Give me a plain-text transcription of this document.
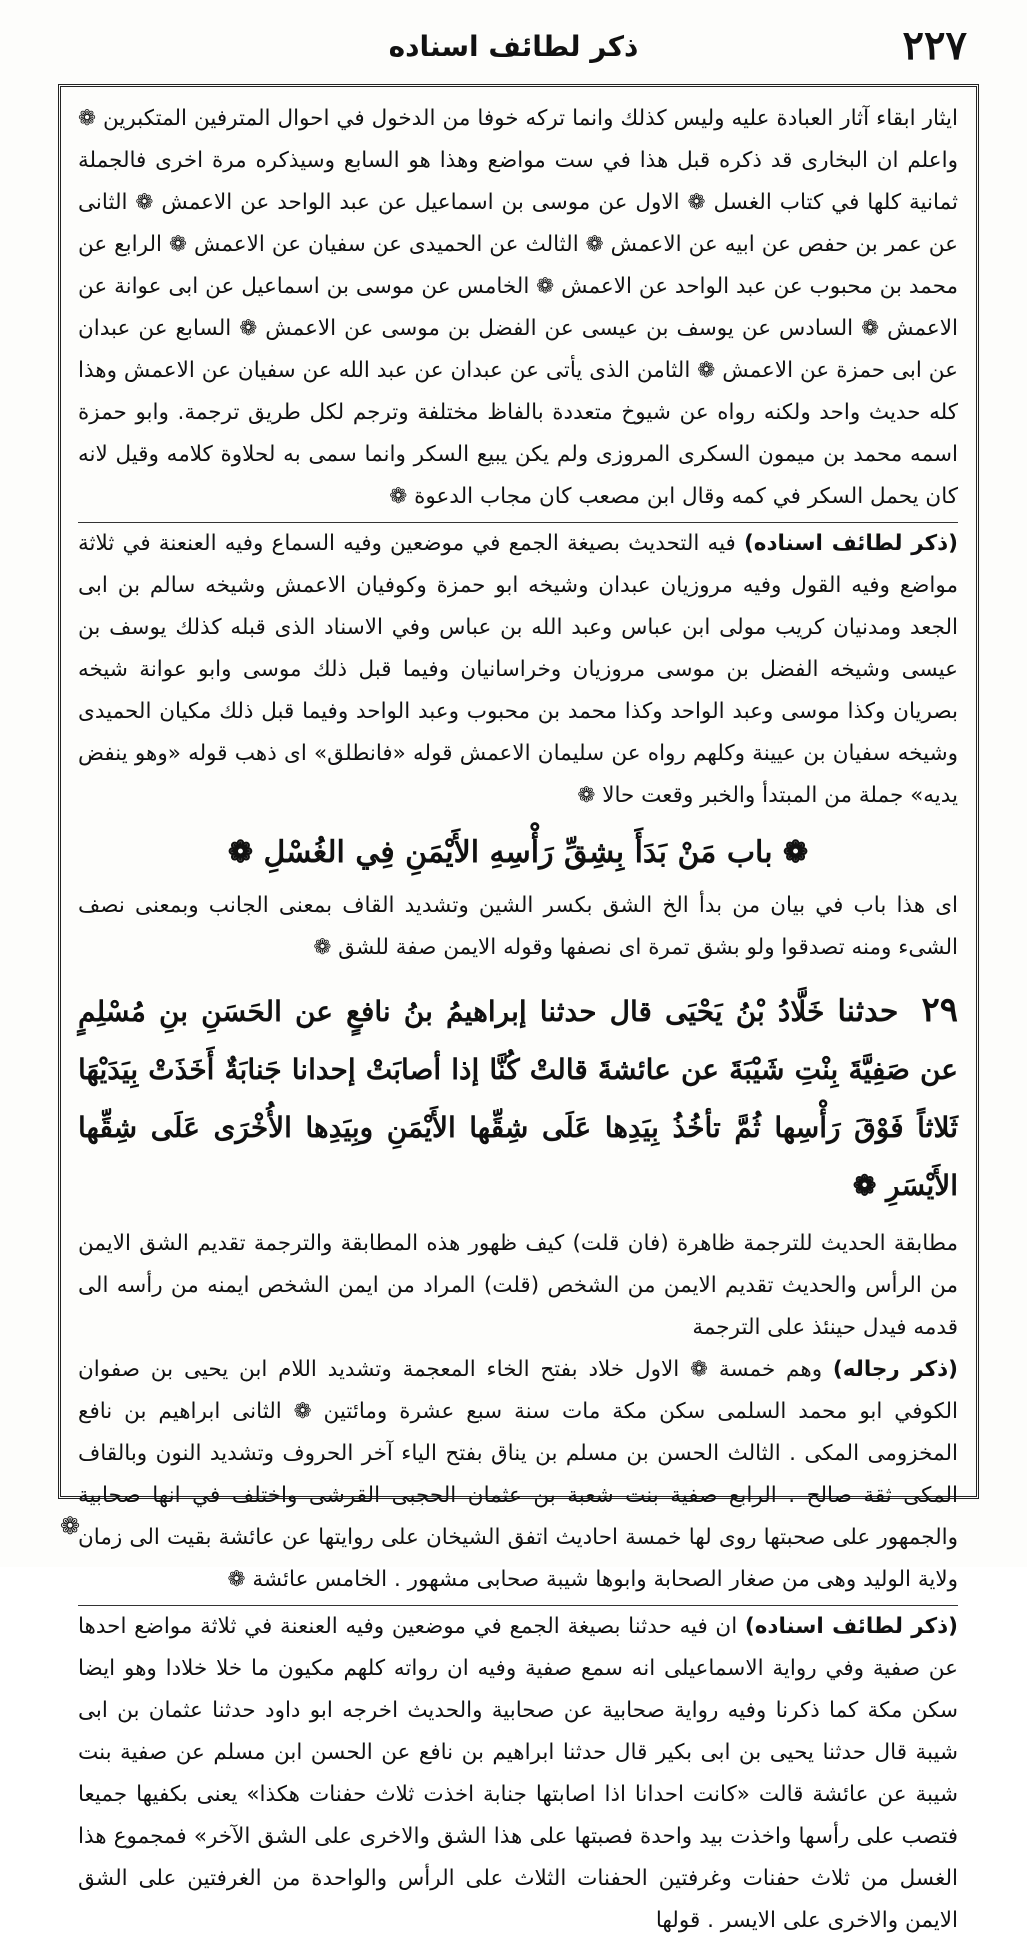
ذكر لطائف اسناده	٢٢٧

ايثار ابقاء آثار العبادة عليه وليس كذلك وانما تركه خوفا من الدخول في احوال المترفين المتكبرين ❁ واعلم ان البخارى قد ذكره قبل هذا في ست مواضع وهذا هو السابع وسيذكره مرة اخرى فالجملة ثمانية كلها في كتاب الغسل ❁ الاول عن موسى بن اسماعيل عن عبد الواحد عن الاعمش ❁ الثانى عن عمر بن حفص عن ابيه عن الاعمش ❁ الثالث عن الحميدى عن سفيان عن الاعمش ❁ الرابع عن محمد بن محبوب عن عبد الواحد عن الاعمش ❁ الخامس عن موسى بن اسماعيل عن ابى عوانة عن الاعمش ❁ السادس عن يوسف بن عيسى عن الفضل بن موسى عن الاعمش ❁ السابع عن عبدان عن ابى حمزة عن الاعمش ❁ الثامن الذى يأتى عن عبدان عن عبد الله عن سفيان عن الاعمش وهذا كله حديث واحد ولكنه رواه عن شيوخ متعددة بالفاظ مختلفة وترجم لكل طريق ترجمة. وابو حمزة اسمه محمد بن ميمون السكرى المروزى ولم يكن يبيع السكر وانما سمى به لحلاوة كلامه وقيل لانه كان يحمل السكر في كمه وقال ابن مصعب كان مجاب الدعوة ❁

(ذكر لطائف اسناده) فيه التحديث بصيغة الجمع في موضعين وفيه السماع وفيه العنعنة في ثلاثة مواضع وفيه القول وفيه مروزيان عبدان وشيخه ابو حمزة وكوفيان الاعمش وشيخه سالم بن ابى الجعد ومدنيان كريب مولى ابن عباس وعبد الله بن عباس وفي الاسناد الذى قبله كذلك يوسف بن عيسى وشيخه الفضل بن موسى مروزيان وخراسانيان وفيما قبل ذلك موسى وابو عوانة شيخه بصريان وكذا موسى وعبد الواحد وكذا محمد بن محبوب وعبد الواحد وفيما قبل ذلك مكيان الحميدى وشيخه سفيان بن عيينة وكلهم رواه عن سليمان الاعمش قوله «فانطلق» اى ذهب قوله «وهو ينفض يديه» جملة من المبتدأ والخبر وقعت حالا ❁

❁ باب مَنْ بَدَأَ بِشِقِّ رَأْسِهِ الأَيْمَنِ فِي الغُسْلِ ❁

اى هذا باب في بيان من بدأ الخ الشق بكسر الشين وتشديد القاف بمعنى الجانب وبمعنى نصف الشىء ومنه تصدقوا ولو بشق تمرة اى نصفها وقوله الايمن صفة للشق ❁

٢٩ حدثنا خَلَّادُ بْنُ يَحْيَى قال حدثنا إبراهيمُ بنُ نافعٍ عن الحَسَنِ بنِ مُسْلِمٍ عن صَفِيَّةَ بِنْتِ شَيْبَةَ عن عائشةَ قالتْ كُنَّا إذا أصابَتْ إحدانا جَنابَةٌ أَخَذَتْ بِيَدَيْهَا ثَلاثاً فَوْقَ رَأْسِها ثُمَّ تأخُذُ بِيَدِها عَلَى شِقِّها الأَيْمَنِ وبِيَدِها الأُخْرَى عَلَى شِقِّها الأَيْسَرِ ❁

مطابقة الحديث للترجمة ظاهرة (فان قلت) كيف ظهور هذه المطابقة والترجمة تقديم الشق الايمن من الرأس والحديث تقديم الايمن من الشخص (قلت) المراد من ايمن الشخص ايمنه من رأسه الى قدمه فيدل حينئذ على الترجمة

(ذكر رجاله) وهم خمسة ❁ الاول خلاد بفتح الخاء المعجمة وتشديد اللام ابن يحيى بن صفوان الكوفي ابو محمد السلمى سكن مكة مات سنة سبع عشرة ومائتين ❁ الثانى ابراهيم بن نافع المخزومى المكى . الثالث الحسن بن مسلم بن يناق بفتح الياء آخر الحروف وتشديد النون وبالقاف المكى ثقة صالح . الرابع صفية بنت شعبة بن عثمان الحجبى القرشى واختلف في انها صحابية والجمهور على صحبتها روى لها خمسة احاديث اتفق الشيخان على روايتها عن عائشة بقيت الى زمان ولاية الوليد وهى من صغار الصحابة وابوها شيبة صحابى مشهور . الخامس عائشة ❁

(ذكر لطائف اسناده) ان فيه حدثنا بصيغة الجمع في موضعين وفيه العنعنة في ثلاثة مواضع احدها عن صفية وفي رواية الاسماعيلى انه سمع صفية وفيه ان رواته كلهم مكيون ما خلا خلادا وهو ايضا سكن مكة كما ذكرنا وفيه رواية صحابية عن صحابية والحديث اخرجه ابو داود حدثنا عثمان بن ابى شيبة قال حدثنا يحيى بن ابى بكير قال حدثنا ابراهيم بن نافع عن الحسن ابن مسلم عن صفية بنت شيبة عن عائشة قالت «كانت احدانا اذا اصابتها جنابة اخذت ثلاث حفنات هكذا» يعنى بكفيها جميعا فتصب على رأسها واخذت بيد واحدة فصبتها على هذا الشق والاخرى على الشق الآخر» فمجموع هذا الغسل من ثلاث حفنات وغرفتين الحفنات الثلاث على الرأس والواحدة من الغرفتين على الشق الايمن والاخرى على الايسر . قولها

❁
